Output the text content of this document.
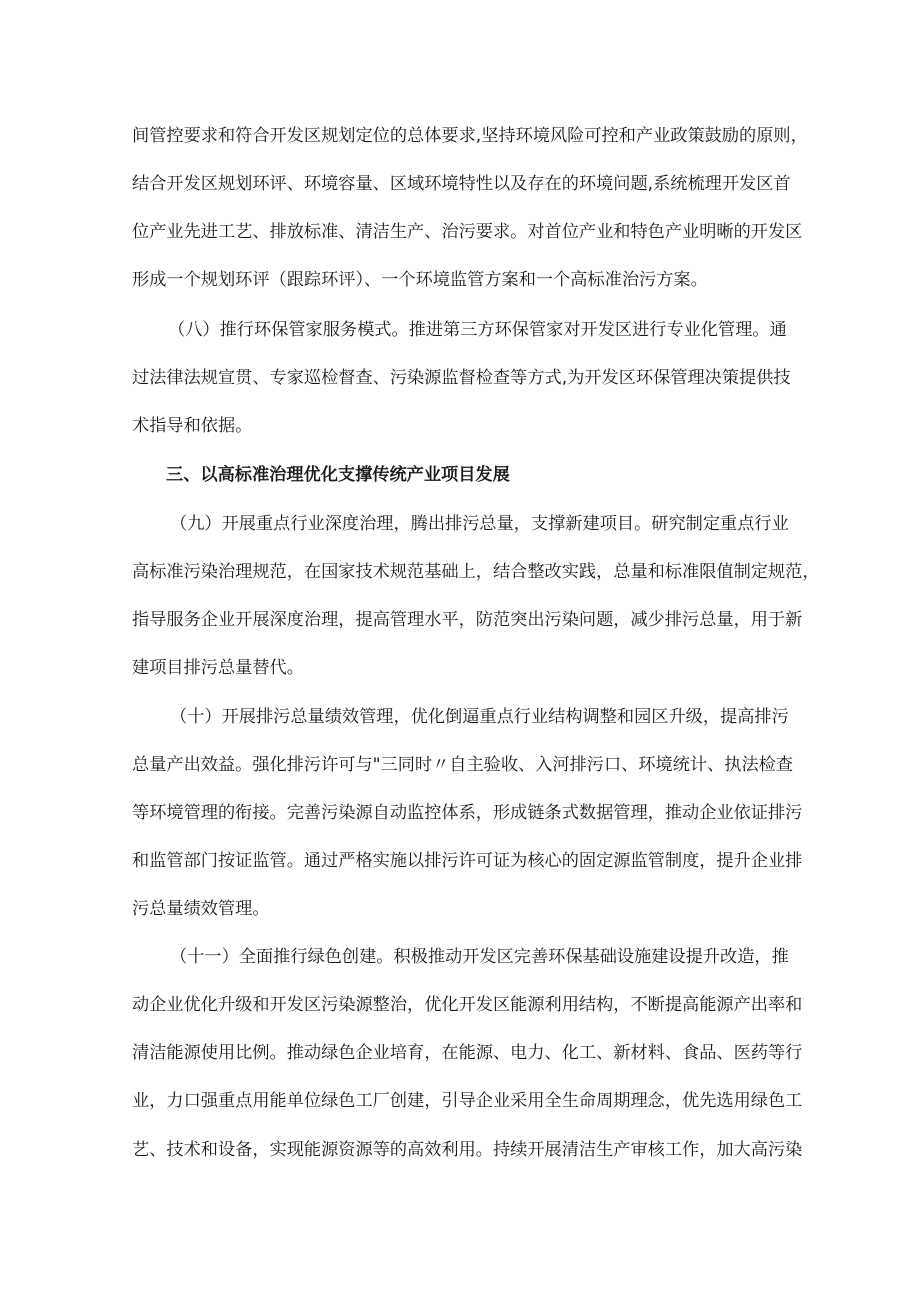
间管控要求和符合开发区规划定位的总体要求,坚持环境风险可控和产业政策鼓励的原则，
结合开发区规划环评、环境容量、区域环境特性以及存在的环境问题,系统梳理开发区首
位产业先进工艺、排放标准、清洁生产、治污要求。对首位产业和特色产业明晰的开发区
形成一个规划环评（跟踪环评）、一个环境监管方案和一个高标准治污方案。
（八）推行环保管家服务模式。推进第三方环保管家对开发区进行专业化管理。通
过法律法规宣贯、专家巡检督查、污染源监督检查等方式,为开发区环保管理决策提供技
术指导和依据。
三、以高标准治理优化支撑传统产业项目发展
（九）开展重点行业深度治理，腾出排污总量，支撑新建项目。研究制定重点行业
高标准污染治理规范，在国家技术规范基础上，结合整改实践，总量和标准限值制定规范，
指导服务企业开展深度治理，提高管理水平，防范突出污染问题，减少排污总量，用于新
建项目排污总量替代。
（十）开展排污总量绩效管理，优化倒逼重点行业结构调整和园区升级，提高排污
总量产出效益。强化排污许可与"三同时〃自主验收、入河排污口、环境统计、执法检查
等环境管理的衔接。完善污染源自动监控体系，形成链条式数据管理，推动企业依证排污
和监管部门按证监管。通过严格实施以排污许可证为核心的固定源监管制度，提升企业排
污总量绩效管理。
（十一）全面推行绿色创建。积极推动开发区完善环保基础设施建设提升改造，推
动企业优化升级和开发区污染源整治，优化开发区能源利用结构，不断提高能源产出率和
清洁能源使用比例。推动绿色企业培育，在能源、电力、化工、新材料、食品、医药等行
业，力口强重点用能单位绿色工厂创建，引导企业采用全生命周期理念，优先选用绿色工
艺、技术和设备，实现能源资源等的高效利用。持续开展清洁生产审核工作，加大高污染
